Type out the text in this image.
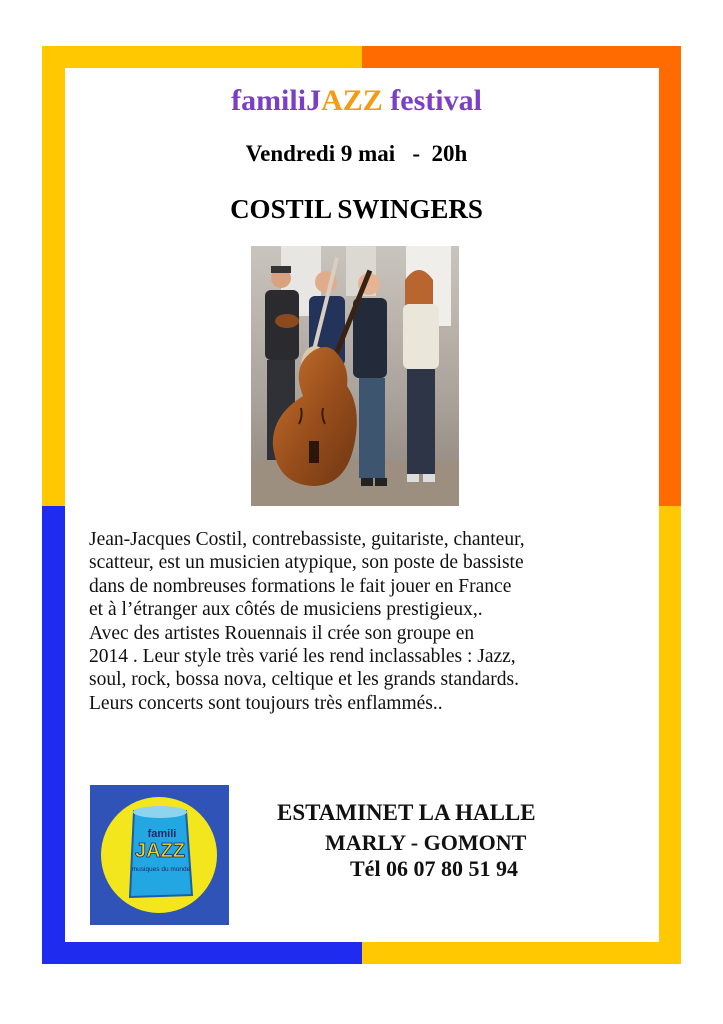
familiJAZZ festival
Vendredi 9 mai   -  20h
COSTIL SWINGERS
Jean-Jacques Costil, contrebassiste, guitariste, chanteur,
scatteur, est un musicien atypique, son poste de bassiste
dans de nombreuses formations le fait jouer en France
et à l’étranger aux côtés de musiciens prestigieux,.
Avec des artistes Rouennais il crée son groupe en
2014 . Leur style très varié les rend inclassables : Jazz,
soul, rock, bossa nova, celtique et les grands standards.
Leurs concerts sont toujours très enflammés..
famili
JAZZ
musiques du monde
ESTAMINET LA HALLE
MARLY - GOMONT
Tél 06 07 80 51 94
